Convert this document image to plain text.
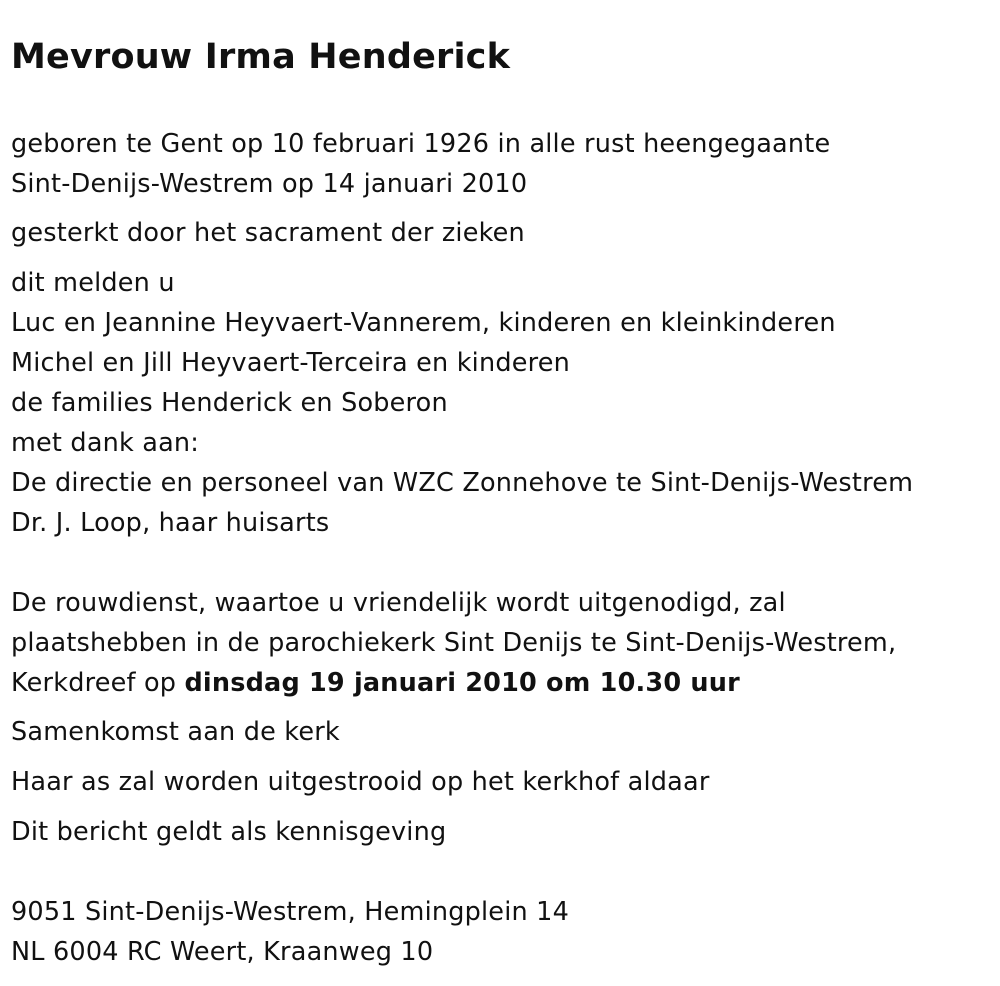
Mevrouw Irma Henderick

geboren te Gent op 10 februari 1926 in alle rust heengegaante

Sint-Denijs-Westrem op 14 januari 2010

gesterkt door het sacrament der zieken

dit melden u

Luc en Jeannine Heyvaert-Vannerem, kinderen en kleinkinderen

Michel en Jill Heyvaert-Terceira en kinderen

de families Henderick en Soberon

met dank aan:

De directie en personeel van WZC Zonnehove te Sint-Denijs-Westrem

Dr. J. Loop, haar huisarts

De rouwdienst, waartoe u vriendelijk wordt uitgenodigd, zal

plaatshebben in de parochiekerk Sint Denijs te Sint-Denijs-Westrem,

Kerkdreef op dinsdag 19 januari 2010 om 10.30 uur

Samenkomst aan de kerk

Haar as zal worden uitgestrooid op het kerkhof aldaar

Dit bericht geldt als kennisgeving

9051 Sint-Denijs-Westrem, Hemingplein 14

NL 6004 RC Weert, Kraanweg 10
